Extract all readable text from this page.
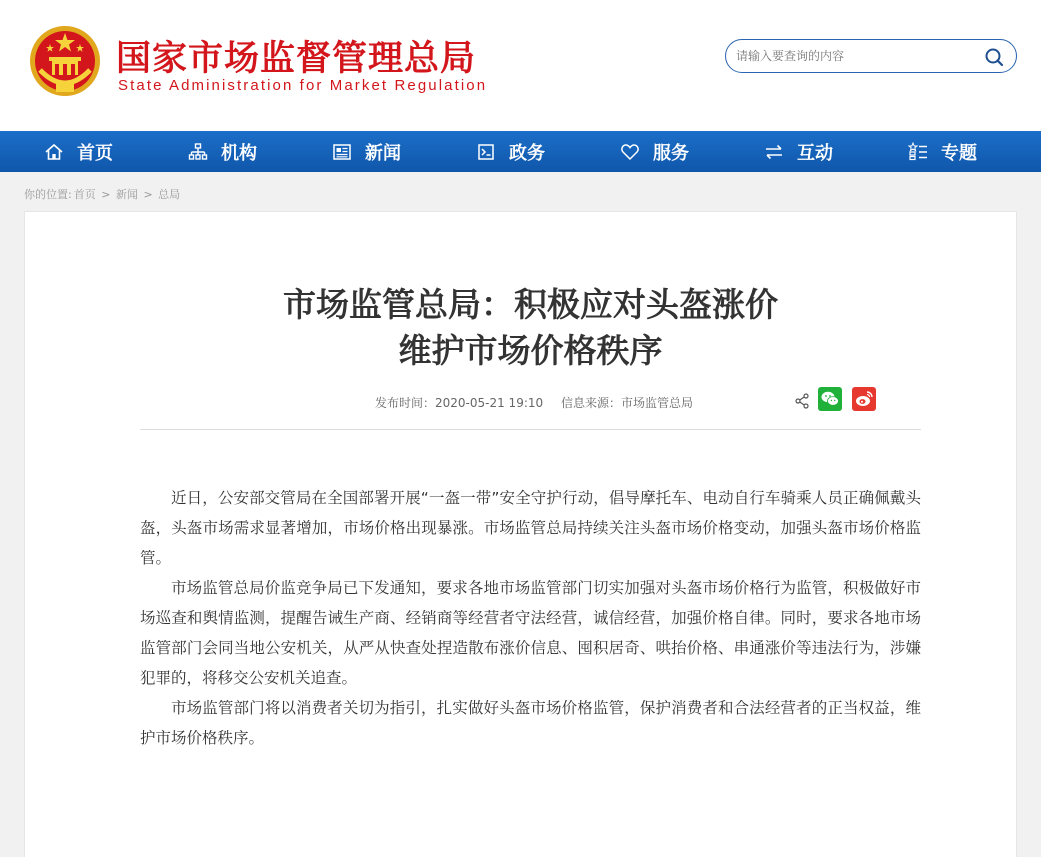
国家市场监督管理总局
State Administration for Market Regulation
请输入要查询的内容
首页	机构	新闻	政务	服务	互动	专题
你的位置: 首页 > 新闻 > 总局
市场监管总局：积极应对头盔涨价
维护市场价格秩序
发布时间：2020-05-21 19:10 信息来源：市场监管总局

近日，公安部交管局在全国部署开展“一盔一带”安全守护行动，倡导摩托车、电动自行车骑乘人员正确佩戴头盔，头盔市场需求显著增加，市场价格出现暴涨。市场监管总局持续关注头盔市场价格变动，加强头盔市场价格监管。

市场监管总局价监竞争局已下发通知，要求各地市场监管部门切实加强对头盔市场价格行为监管，积极做好市场巡查和舆情监测，提醒告诫生产商、经销商等经营者守法经营，诚信经营，加强价格自律。同时，要求各地市场监管部门会同当地公安机关，从严从快查处捏造散布涨价信息、囤积居奇、哄抬价格、串通涨价等违法行为，涉嫌犯罪的，将移交公安机关追查。

市场监管部门将以消费者关切为指引，扎实做好头盔市场价格监管，保护消费者和合法经营者的正当权益，维护市场价格秩序。
